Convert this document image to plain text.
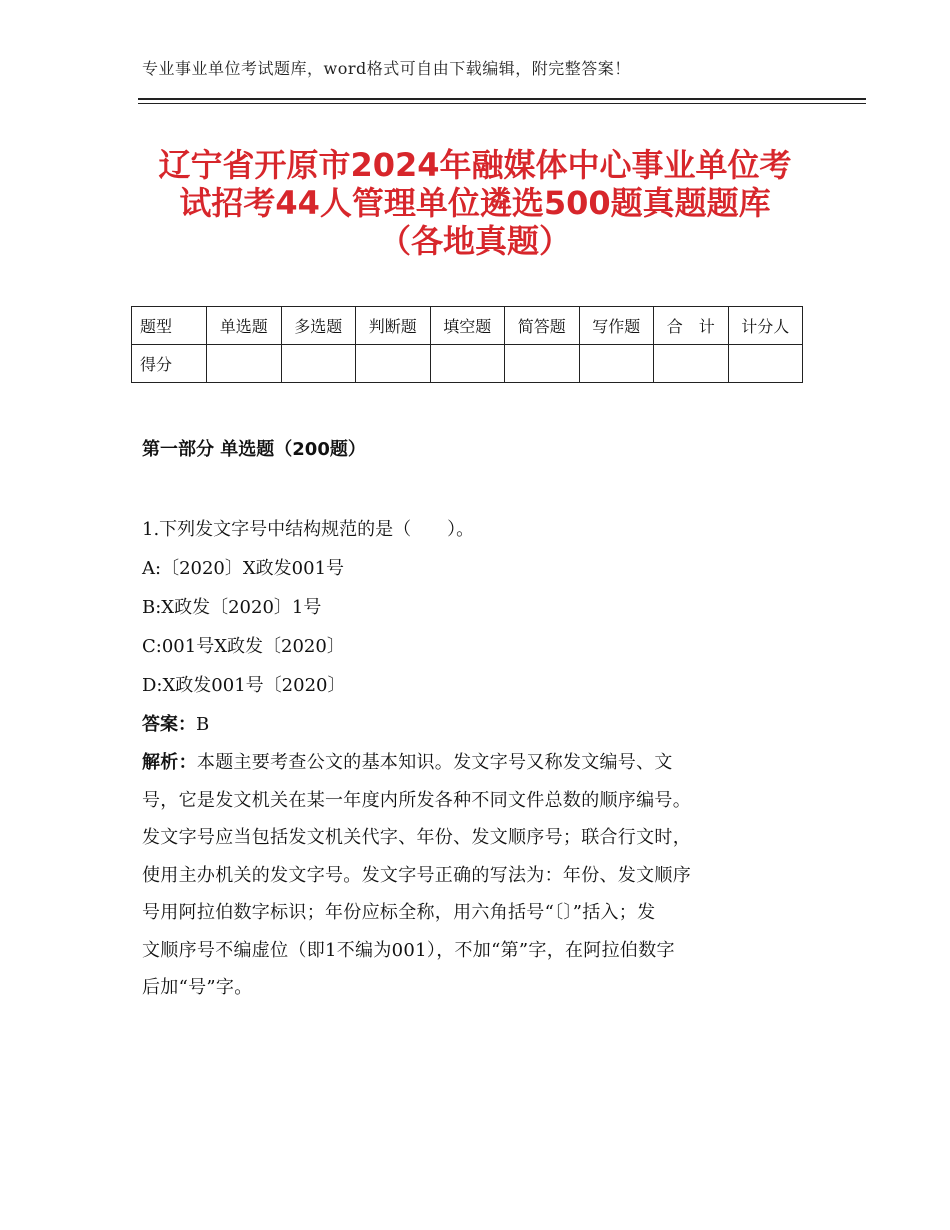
专业事业单位考试题库，word格式可自由下载编辑，附完整答案！
辽宁省开原市2024年融媒体中心事业单位考
试招考44人管理单位遴选500题真题题库
（各地真题）
题型	单选题	多选题	判断题	填空题	简答题	写作题	合　计	计分人
得分								
第一部分 单选题（200题）
1.下列发文字号中结构规范的是（　　）。
A:〔2020〕X政发001号
B:X政发〔2020〕1号
C:001号X政发〔2020〕
D:X政发001号〔2020〕
答案：B
解析：本题主要考查公文的基本知识。发文字号又称发文编号、文
号，它是发文机关在某一年度内所发各种不同文件总数的顺序编号。
发文字号应当包括发文机关代字、年份、发文顺序号；联合行文时，
使用主办机关的发文字号。发文字号正确的写法为：年份、发文顺序
号用阿拉伯数字标识；年份应标全称，用六角括号“〔〕”括入；发
文顺序号不编虚位（即1不编为001），不加“第”字，在阿拉伯数字
后加“号”字。
